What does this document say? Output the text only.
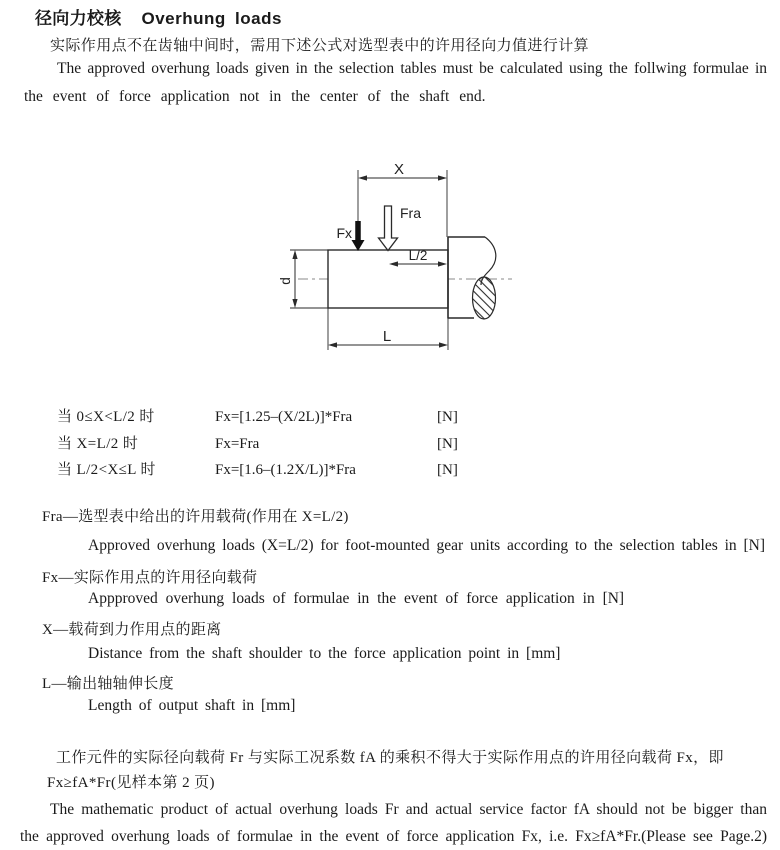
径向力校核 Overhung loads
实际作用点不在齿轴中间时，需用下述公式对选型表中的许用径向力值进行计算
The approved overhung loads given in the selection tables must be calculated using the follwing formulae in
the event of force application not in the center of the shaft end.
X
Fra
Fx
L/2
d
L
当 0≤X<L/2 时	Fx=[1.25–(X/2L)]*Fra	[N]
当 X=L/2 时	Fx=Fra	[N]
当 L/2<X≤L 时	Fx=[1.6–(1.2X/L)]*Fra	[N]
Fra—选型表中给出的许用载荷(作用在 X=L/2)
Approved overhung loads (X=L/2) for foot-mounted gear units according to the selection tables in [N]
Fx—实际作用点的许用径向载荷
Appproved overhung loads of formulae in the event of force application in [N]
X—载荷到力作用点的距离
Distance from the shaft shoulder to the force application point in [mm]
L—输出轴轴伸长度
Length of output shaft in [mm]
工作元件的实际径向载荷 Fr 与实际工况系数 fA 的乘积不得大于实际作用点的许用径向载荷 Fx，即
Fx≥fA*Fr(见样本第 2 页)
The mathematic product of actual overhung loads Fr and actual service factor fA should not be bigger than
the approved overhung loads of formulae in the event of force application Fx, i.e. Fx≥fA*Fr.(Please see Page.2)
